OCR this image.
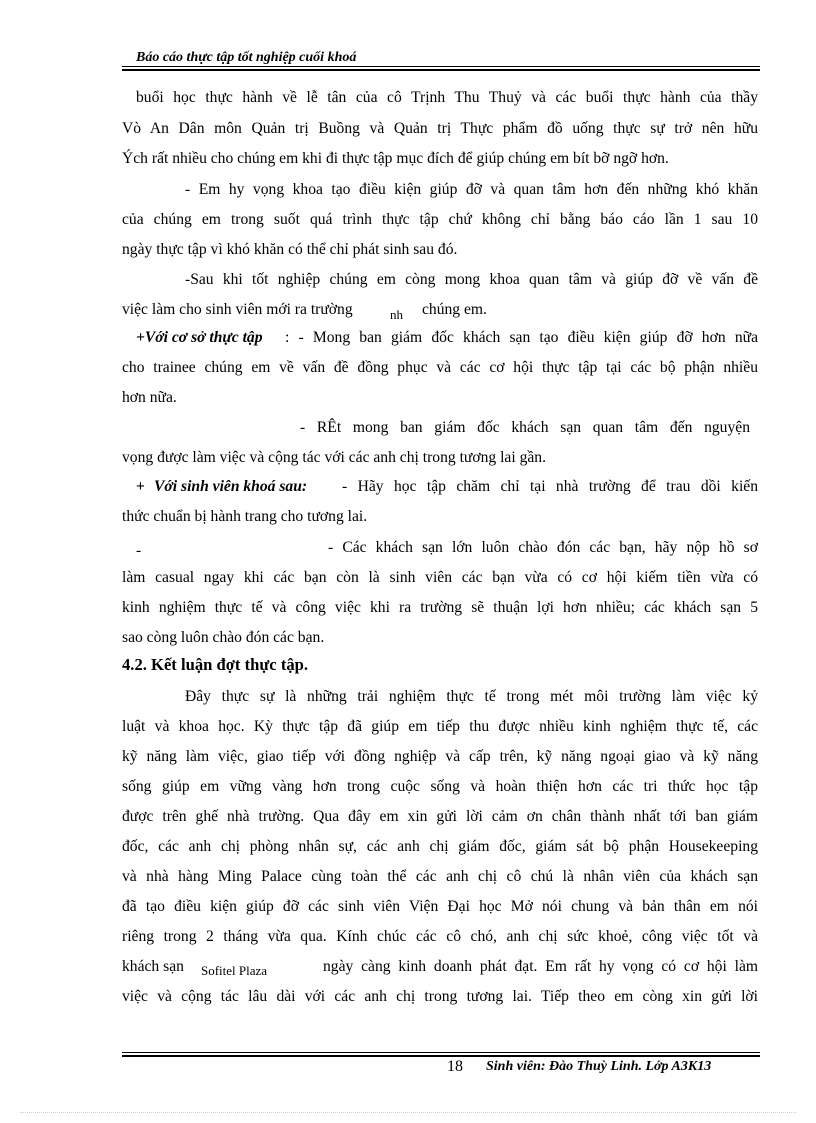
Báo cáo thực tập tốt nghiệp cuối khoá
buổi học thực hành về lễ tân của cô Trịnh Thu Thuỷ và các buổi thực hành của thầy
Vò An Dân môn Quản trị Buồng và Quản trị Thực phẩm đồ uống thực sự trở nên hữu
Ých rất nhiều cho chúng em khi đi thực tập mục đích để giúp chúng em bít bỡ ngỡ hơn.
- Em hy vọng khoa tạo điều kiện giúp đỡ và quan tâm hơn đến những khó khăn
của chúng em trong suốt quá trình thực tập chứ không chỉ bằng báo cáo lần 1 sau 10
ngày thực tập vì khó khăn có thể chỉ phát sinh sau đó.
-Sau khi tốt nghiệp chúng em còng mong khoa quan tâm và giúp đỡ về vấn đề
việc làm cho sinh viên mới ra trường	nh chúng em.
+Với cơ sở thực tập : - Mong ban giám đốc khách sạn tạo điều kiện giúp đỡ hơn nữa
cho trainee chúng em về vấn đề đồng phục và các cơ hội thực tập tại các bộ phận nhiều
hơn nữa.
- RÊt mong ban giám đốc khách sạn quan tâm đến nguyện
vọng được làm việc và cộng tác với các anh chị trong tương lai gần.
+ Với sinh viên khoá sau: - Hãy học tập chăm chỉ tại nhà trường để trau dồi kiến
thức chuẩn bị hành trang cho tương lai.
-	- Các khách sạn lớn luôn chào đón các bạn, hãy nộp hồ sơ
làm casual ngay khi các bạn còn là sinh viên các bạn vừa có cơ hội kiếm tiền vừa có
kinh nghiệm thực tế và công việc khi ra trường sẽ thuận lợi hơn nhiều; các khách sạn 5
sao còng luôn chào đón các bạn.
4.2. Kết luận đợt thực tập.
Đây thực sự là những trải nghiệm thực tế trong mét môi trường làm việc kỷ
luật và khoa học. Kỳ thực tập đã giúp em tiếp thu được nhiều kinh nghiệm thực tế, các
kỹ năng làm việc, giao tiếp với đồng nghiệp và cấp trên, kỹ năng ngoại giao và kỹ năng
sống giúp em vững vàng hơn trong cuộc sống và hoàn thiện hơn các tri thức học tập
được trên ghế nhà trường. Qua đây em xin gửi lời cảm ơn chân thành nhất tới ban giám
đốc, các anh chị phòng nhân sự, các anh chị giám đốc, giám sát bộ phận Housekeeping
và nhà hàng Ming Palace cùng toàn thể các anh chị cô chú là nhân viên của khách sạn
đã tạo điều kiện giúp đỡ các sinh viên Viện Đại học Mở nói chung và bản thân em nói
riêng trong 2 tháng vừa qua. Kính chúc các cô chó, anh chị sức khoẻ, công việc tốt và
khách sạn Sofitel Plaza	ngày càng kinh doanh phát đạt. Em rất hy vọng có cơ hội làm
việc và cộng tác lâu dài với các anh chị trong tương lai. Tiếp theo em còng xin gửi lời
18 Sinh viên: Đào Thuỳ Linh. Lớp A3K13
